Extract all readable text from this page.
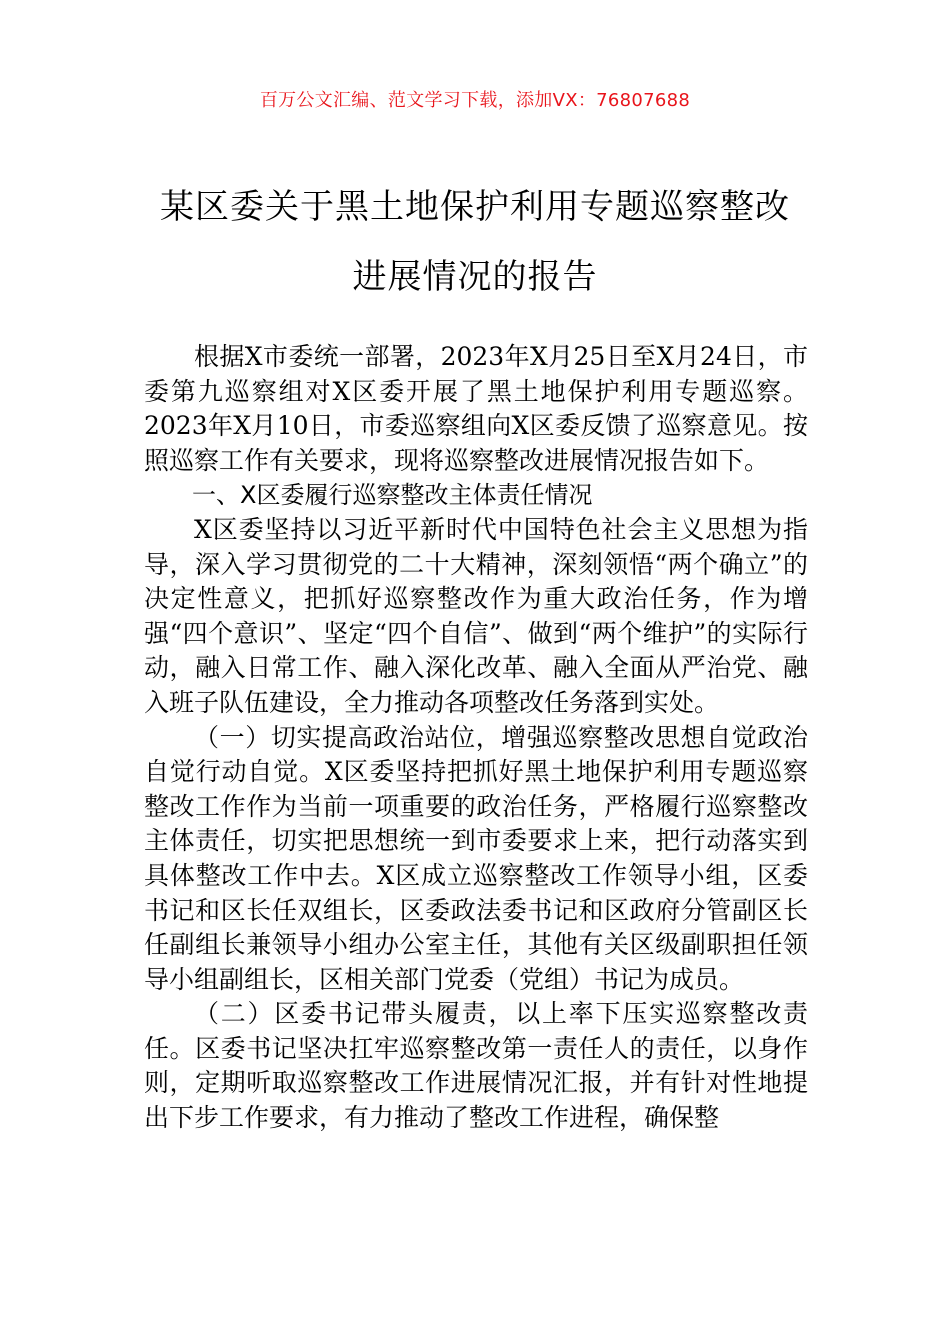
百万公文汇编、范文学习下载，添加VX：76807688
某区委关于黑土地保护利用专题巡察整改
进展情况的报告

根据X市委统一部署，2023年X月25日至X月24日，市委第九巡察组对X区委开展了黑土地保护利用专题巡察。2023年X月10日，市委巡察组向X区委反馈了巡察意见。按照巡察工作有关要求，现将巡察整改进展情况报告如下。

一、X区委履行巡察整改主体责任情况

X区委坚持以习近平新时代中国特色社会主义思想为指导，深入学习贯彻党的二十大精神，深刻领悟“两个确立”的决定性意义，把抓好巡察整改作为重大政治任务，作为增强“四个意识”、坚定“四个自信”、做到“两个维护”的实际行动，融入日常工作、融入深化改革、融入全面从严治党、融入班子队伍建设，全力推动各项整改任务落到实处。

（一）切实提高政治站位，增强巡察整改思想自觉政治自觉行动自觉。X区委坚持把抓好黑土地保护利用专题巡察整改工作作为当前一项重要的政治任务，严格履行巡察整改主体责任，切实把思想统一到市委要求上来，把行动落实到具体整改工作中去。X区成立巡察整改工作领导小组，区委书记和区长任双组长，区委政法委书记和区政府分管副区长任副组长兼领导小组办公室主任，其他有关区级副职担任领导小组副组长，区相关部门党委（党组）书记为成员。

（二）区委书记带头履责，以上率下压实巡察整改责任。区委书记坚决扛牢巡察整改第一责任人的责任，以身作则，定期听取巡察整改工作进展情况汇报，并有针对性地提出下步工作要求，有力推动了整改工作进程，确保整
